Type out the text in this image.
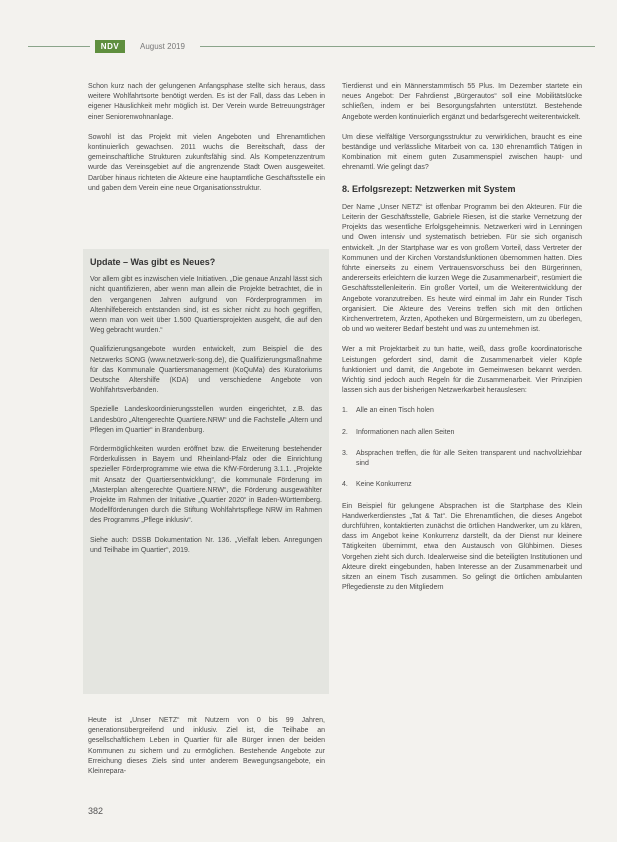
NDV	August 2019

Schon kurz nach der gelungenen Anfangsphase stellte sich heraus, dass weitere Wohlfahrtsorte benötigt werden. Es ist der Fall, dass das Leben in eigener Häuslichkeit mehr möglich ist. Der Verein wurde Betreuungsträger einer Seniorenwohnanlage.

Sowohl ist das Projekt mit vielen Angeboten und Ehrenamtlichen kontinuierlich gewachsen. 2011 wuchs die Bereitschaft, dass der gemeinschaftliche Strukturen zukunftsfähig sind. Als Kompetenzzentrum wurde das Vereinsgebiet auf die angrenzende Stadt Owen ausgeweitet. Darüber hinaus richteten die Akteure eine hauptamtliche Geschäftsstelle ein und gaben dem Verein eine neue Organisationsstruktur.

Update – Was gibt es Neues?

Vor allem gibt es inzwischen viele Initiativen. „Die genaue Anzahl lässt sich nicht quantifizieren, aber wenn man allein die Projekte betrachtet, die in den vergangenen Jahren aufgrund von Förderprogrammen im Altenhilfebereich entstanden sind, ist es sicher nicht zu hoch gegriffen, wenn man von weit über 1.500 Quartiersprojekten ausgeht, die auf den Weg gebracht wurden.“

Qualifizierungsangebote wurden entwickelt, zum Beispiel die des Netzwerks SONG (www.netzwerk-song.de), die Qualifizierungsmaßnahme für das Kommunale Quartiersmanagement (KoQuMa) des Kuratoriums Deutsche Altershilfe (KDA) und verschiedene Angebote von Wohlfahrtsverbänden.

Spezielle Landeskoordinierungsstellen wurden eingerichtet, z.B. das Landesbüro „Altengerechte Quartiere.NRW“ und die Fachstelle „Altern und Pflegen im Quartier“ in Brandenburg.

Fördermöglichkeiten wurden eröffnet bzw. die Erweiterung bestehender Förderkulissen in Bayern und Rheinland-Pfalz oder die Einrichtung spezieller Förderprogramme wie etwa die KfW-Förderung 3.1.1. „Projekte mit Ansatz der Quartiersentwicklung“, die kommunale Förderung im „Masterplan altengerechte Quartiere.NRW“, die Förderung ausgewählter Projekte im Rahmen der Initiative „Quartier 2020“ in Baden-Württemberg. Modellförderungen durch die Stiftung Wohlfahrtspflege NRW im Rahmen des Programms „Pflege inklusiv“.

Siehe auch: DSSB Dokumentation Nr. 136. „Vielfalt leben. Anregungen und Teilhabe im Quartier“, 2019.

Heute ist „Unser NETZ“ mit Nutzern von 0 bis 99 Jahren, generationsübergreifend und inklusiv. Ziel ist, die Teilhabe an gesellschaftlichem Leben in Quartier für alle Bürger innen der beiden Kommunen zu sichern und zu ermöglichen. Bestehende Angebote zur Erreichung dieses Ziels sind unter anderem Bewegungsangebote, ein Kleinrepara-

Tierdienst und ein Männerstammtisch 55 Plus. Im Dezember startete ein neues Angebot: Der Fahrdienst „Bürgerautos“ soll eine Mobilitätslücke schließen, indem er bei Besorgungsfahrten unterstützt. Bestehende Angebote werden kontinuierlich ergänzt und bedarfsgerecht weiterentwickelt.

Um diese vielfältige Versorgungsstruktur zu verwirklichen, braucht es eine beständige und verlässliche Mitarbeit von ca. 130 ehrenamtlich Tätigen in Kombination mit einem guten Zusammenspiel zwischen haupt- und ehrenamtl. Wie gelingt das?

8. Erfolgsrezept: Netzwerken mit System

Der Name „Unser NETZ“ ist offenbar Programm bei den Akteuren. Für die Leiterin der Geschäftsstelle, Gabriele Riesen, ist die starke Vernetzung der Projekts das wesentliche Erfolgsgeheimnis. Netzwerkeri wird in Lenningen und Owen intensiv und systematisch betrieben. Für sie sich organisch entwickelt. „In der Startphase war es von großem Vorteil, dass Vertreter der Kommunen und der Kirchen Vorstandsfunktionen übernommen hatten. Dies führte einerseits zu einem Vertrauensvorschuss bei den Bürgerinnen, andererseits erleichtern die kurzen Wege die Zusammenarbeit“, resümiert die Geschäftsstellenleiterin. Ein großer Vorteil, um die Weiterentwicklung der Angebote voranzutreiben. Es heute wird einmal im Jahr ein Runder Tisch organisiert. Die Akteure des Vereins treffen sich mit den örtlichen Kirchenvertretern, Ärzten, Apotheken und Bürgermeistern, um zu überlegen, ob und wo weiterer Bedarf besteht und was zu unternehmen ist.

Wer a mit Projektarbeit zu tun hatte, weiß, dass große koordinatorische Leistungen gefordert sind, damit die Zusammenarbeit vieler Köpfe funktioniert und damit, die Angebote im Gemeinwesen bekannt werden. Wichtig sind jedoch auch Regeln für die Zusammenarbeit. Vier Prinzipien lassen sich aus der bisherigen Netzwerkarbeit herauslesen:

1. Alle an einen Tisch holen
2. Informationen nach allen Seiten
3. Absprachen treffen, die für alle Seiten transparent und nachvollziehbar sind
4. Keine Konkurrenz

Ein Beispiel für gelungene Absprachen ist die Startphase des Klein Handwerkerdienstes „Tat & Tat“. Die Ehrenamtlichen, die dieses Angebot durchführen, kontaktierten zunächst die örtlichen Handwerker, um zu klären, dass im Angebot keine Konkurrenz darstellt, da der Dienst nur kleinere Tätigkeiten übernimmt, etwa den Austausch von Glühbirnen. Dieses Vorgehen zieht sich durch. Idealerweise sind die beteiligten Institutionen und Akteure direkt eingebunden, haben Interesse an der Zusammenarbeit und sitzen an einem Tisch zusammen. So gelingt die örtlichen ambulanten Pflegedienste zu den Mitgliedern

382
